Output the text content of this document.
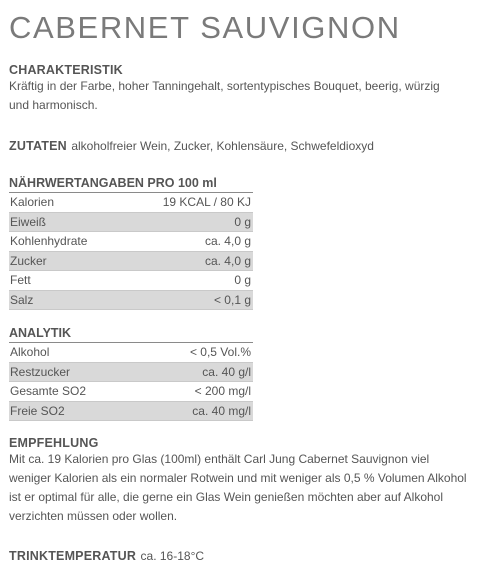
CABERNET SAUVIGNON
CHARAKTERISTIK
Kräftig in der Farbe, hoher Tanningehalt, sortentypisches Bouquet, beerig, würzig
und harmonisch.
ZUTATEN alkoholfreier Wein, Zucker, Kohlensäure, Schwefeldioxyd
NÄHRWERTANGABEN PRO 100 ml
Kalorien	19 KCAL / 80 KJ
Eiweiß	0 g
Kohlenhydrate	ca. 4,0 g
Zucker	ca. 4,0 g
Fett	0 g
Salz	< 0,1 g
ANALYTIK
Alkohol	< 0,5 Vol.%
Restzucker	ca. 40 g/l
Gesamte SO2	< 200 mg/l
Freie SO2	ca. 40 mg/l
EMPFEHLUNG
Mit ca. 19 Kalorien pro Glas (100ml) enthält Carl Jung Cabernet Sauvignon viel
weniger Kalorien als ein normaler Rotwein und mit weniger als 0,5 % Volumen Alkohol
ist er optimal für alle, die gerne ein Glas Wein genießen möchten aber auf Alkohol
verzichten müssen oder wollen.
TRINKTEMPERATUR ca. 16-18°C
